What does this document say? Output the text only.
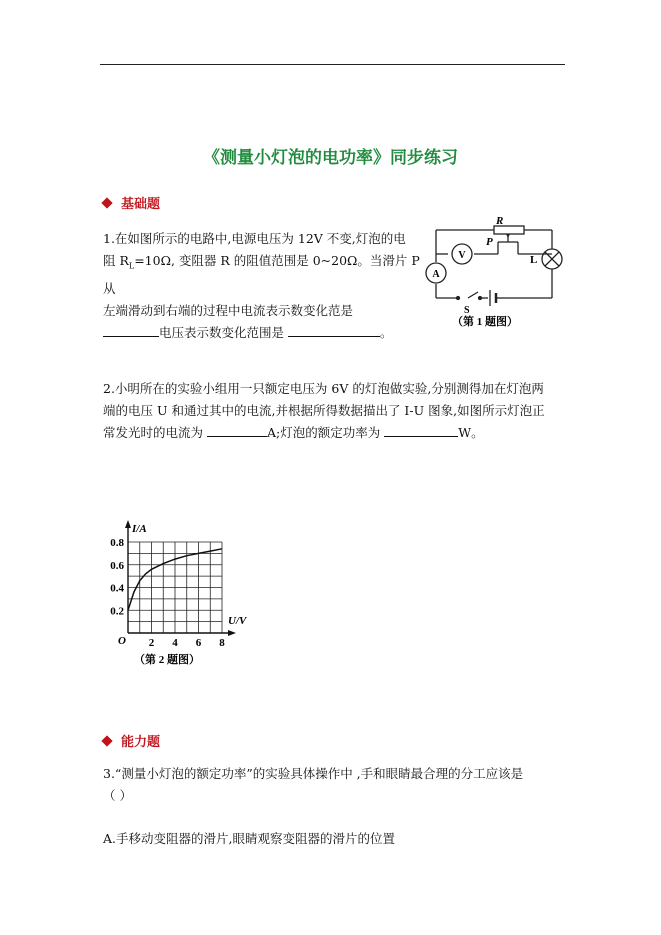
《测量小灯泡的电功率》同步练习
基础题
1.在如图所示的电路中,电源电压为 12V 不变,灯泡的电
阻 $R_L=10\Omega$, 变阻器 R 的阻值范围是 0~20Ω。当滑片 P 从
左端滑动到右端的过程中电流表示数变化范是
电压表示数变化范围是	。
R
P
V
A
L
S
（第 1 题图）
2.小明所在的实验小组用一只额定电压为 6V 的灯泡做实验,分别测得加在灯泡两
端的电压 U 和通过其中的电流,并根据所得数据描出了 I-U 图象,如图所示灯泡正
常发光时的电流为	A;灯泡的额定功率为	W。
0.8
0.6
0.4
0.2
2 4 6 8
I/A
U/V
O
（第 2 题图）
能力题
3.“测量小灯泡的额定功率”的实验具体操作中 ,手和眼睛最合理的分工应该是
（ ）
A.手移动变阻器的滑片,眼睛观察变阻器的滑片的位置
